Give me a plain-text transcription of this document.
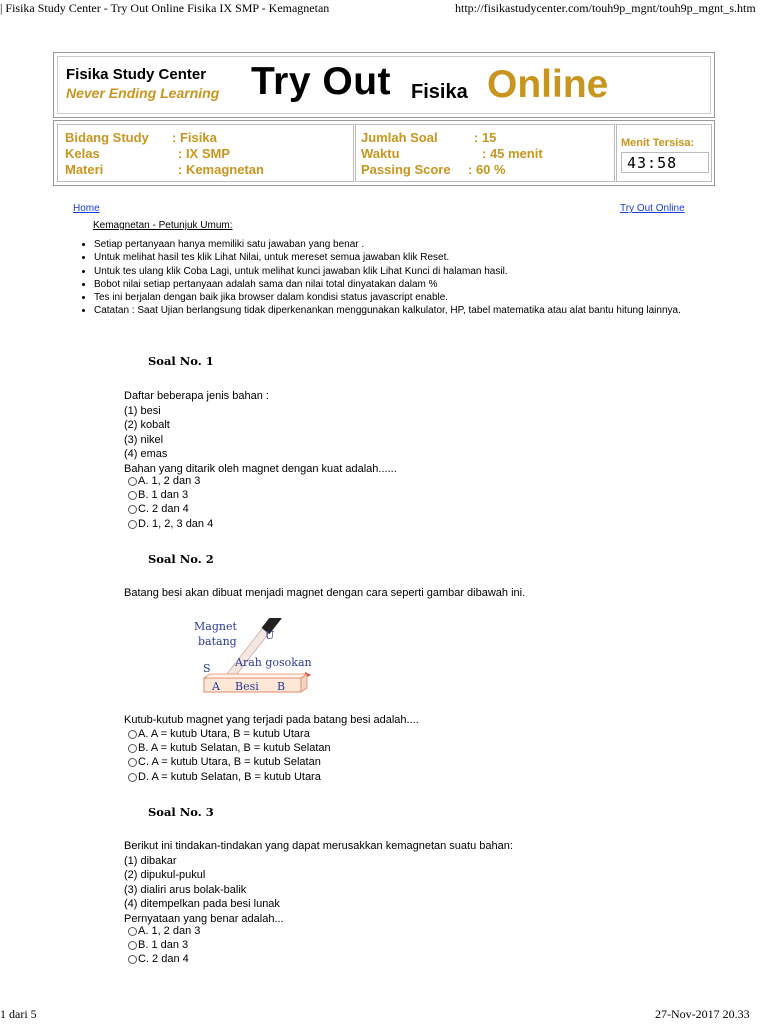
| Fisika Study Center - Try Out Online Fisika IX SMP - Kemagnetan	http://fisikastudycenter.com/touh9p_mgnt/touh9p_mgnt_s.htm
Fisika Study Center
Never Ending Learning Try Out Fisika Online
Bidang Study : Fisika
Kelas	: IX SMP
Materi	: Kemagnetan
Jumlah Soal	: 15
Waktu	: 45 menit
Passing Score : 60 %
Menit Tersisa:
43:58
Home	Try Out Online
Kemagnetan - Petunjuk Umum:
• Setiap pertanyaan hanya memiliki satu jawaban yang benar .
• Untuk melihat hasil tes klik Lihat Nilai, untuk mereset semua jawaban klik Reset.
• Untuk tes ulang klik Coba Lagi, untuk melihat kunci jawaban klik Lihat Kunci di halaman hasil.
• Bobot nilai setiap pertanyaan adalah sama dan nilai total dinyatakan dalam %
• Tes ini berjalan dengan baik jika browser dalam kondisi status javascript enable.
• Catatan : Saat Ujian berlangsung tidak diperkenankan menggunakan kalkulator, HP, tabel matematika atau alat bantu hitung lainnya.
Soal No. 1
Daftar beberapa jenis bahan :
(1) besi
(2) kobalt
(3) nikel
(4) emas
Bahan yang ditarik oleh magnet dengan kuat adalah......
A. 1, 2 dan 3
B. 1 dan 3
C. 2 dan 4
D. 1, 2, 3 dan 4
Soal No. 2
Batang besi akan dibuat menjadi magnet dengan cara seperti gambar dibawah ini.
Magnet
batang	U
S Arah gosokan
A Besi B
Kutub-kutub magnet yang terjadi pada batang besi adalah....
A. A = kutub Utara, B = kutub Utara
B. A = kutub Selatan, B = kutub Selatan
C. A = kutub Utara, B = kutub Selatan
D. A = kutub Selatan, B = kutub Utara
Soal No. 3
Berikut ini tindakan-tindakan yang dapat merusakkan kemagnetan suatu bahan:
(1) dibakar
(2) dipukul-pukul
(3) dialiri arus bolak-balik
(4) ditempelkan pada besi lunak
Pernyataan yang benar adalah...
A. 1, 2 dan 3
B. 1 dan 3
C. 2 dan 4
1 dari 5	27-Nov-2017 20.33
